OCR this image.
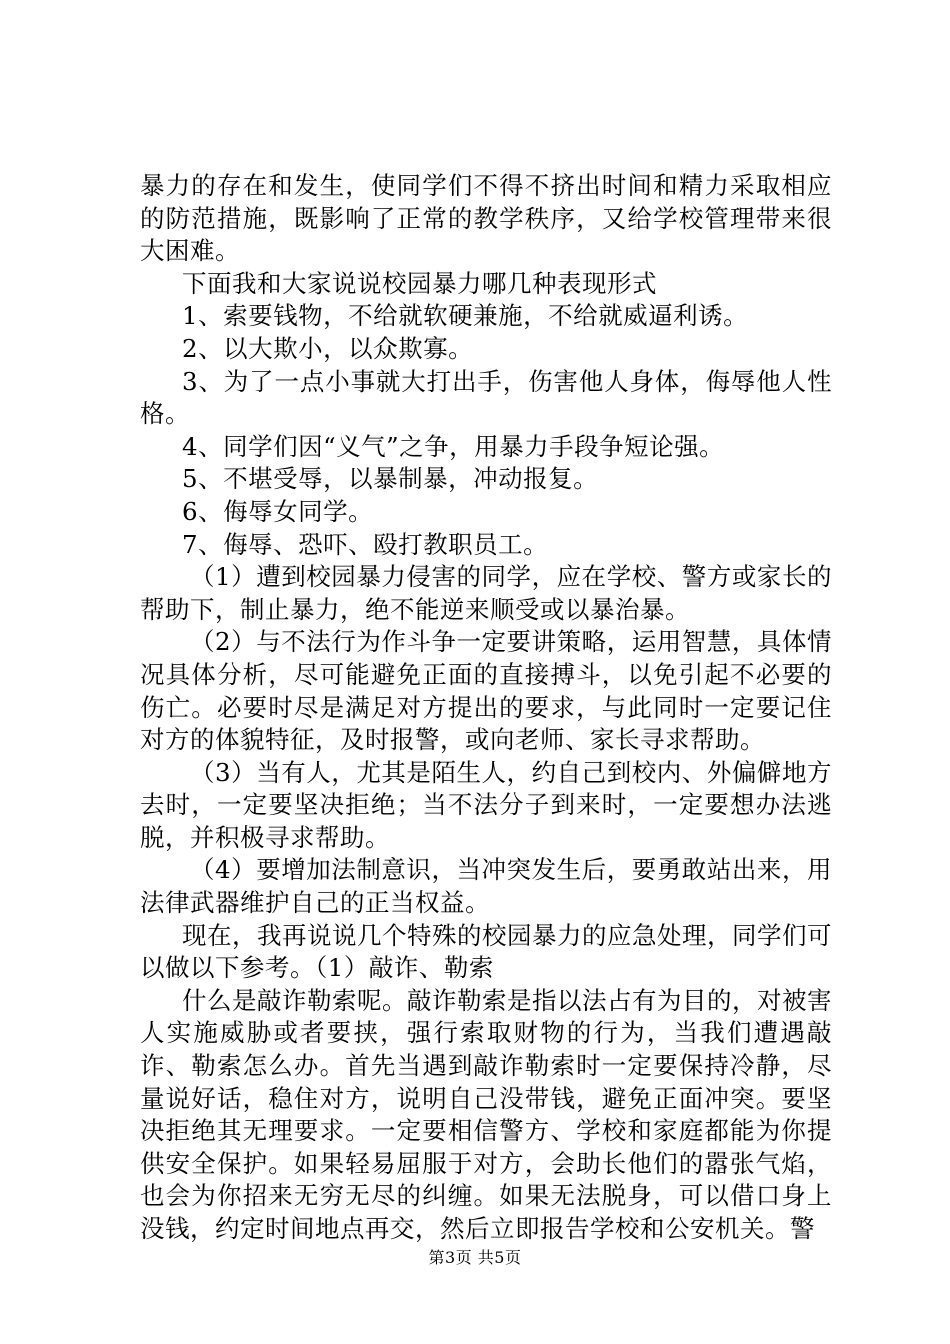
暴力的存在和发生，使同学们不得不挤出时间和精力采取相应的防范措施，既影响了正常的教学秩序，又给学校管理带来很大困难。

下面我和大家说说校园暴力哪几种表现形式

1、索要钱物，不给就软硬兼施，不给就威逼利诱。

2、以大欺小，以众欺寡。

3、为了一点小事就大打出手，伤害他人身体，侮辱他人性格。

4、同学们因“义气”之争，用暴力手段争短论强。

5、不堪受辱，以暴制暴，冲动报复。

6、侮辱女同学。

7、侮辱、恐吓、殴打教职员工。

（1）遭到校园暴力侵害的同学，应在学校、警方或家长的帮助下，制止暴力，绝不能逆来顺受或以暴治暴。

（2）与不法行为作斗争一定要讲策略，运用智慧，具体情况具体分析，尽可能避免正面的直接搏斗，以免引起不必要的伤亡。必要时尽是满足对方提出的要求，与此同时一定要记住对方的体貌特征，及时报警，或向老师、家长寻求帮助。

（3）当有人，尤其是陌生人，约自己到校内、外偏僻地方去时，一定要坚决拒绝；当不法分子到来时，一定要想办法逃脱，并积极寻求帮助。

（4）要增加法制意识，当冲突发生后，要勇敢站出来，用法律武器维护自己的正当权益。

现在，我再说说几个特殊的校园暴力的应急处理，同学们可以做以下参考。（1）敲诈、勒索

什么是敲诈勒索呢。敲诈勒索是指以法占有为目的，对被害人实施威胁或者要挟，强行索取财物的行为，当我们遭遇敲诈、勒索怎么办。首先当遇到敲诈勒索时一定要保持冷静，尽量说好话，稳住对方，说明自己没带钱，避免正面冲突。要坚决拒绝其无理要求。一定要相信警方、学校和家庭都能为你提供安全保护。如果轻易屈服于对方，会助长他们的嚣张气焰，也会为你招来无穷无尽的纠缠。如果无法脱身，可以借口身上没钱，约定时间地点再交，然后立即报告学校和公安机关。警

第3页 共5页
